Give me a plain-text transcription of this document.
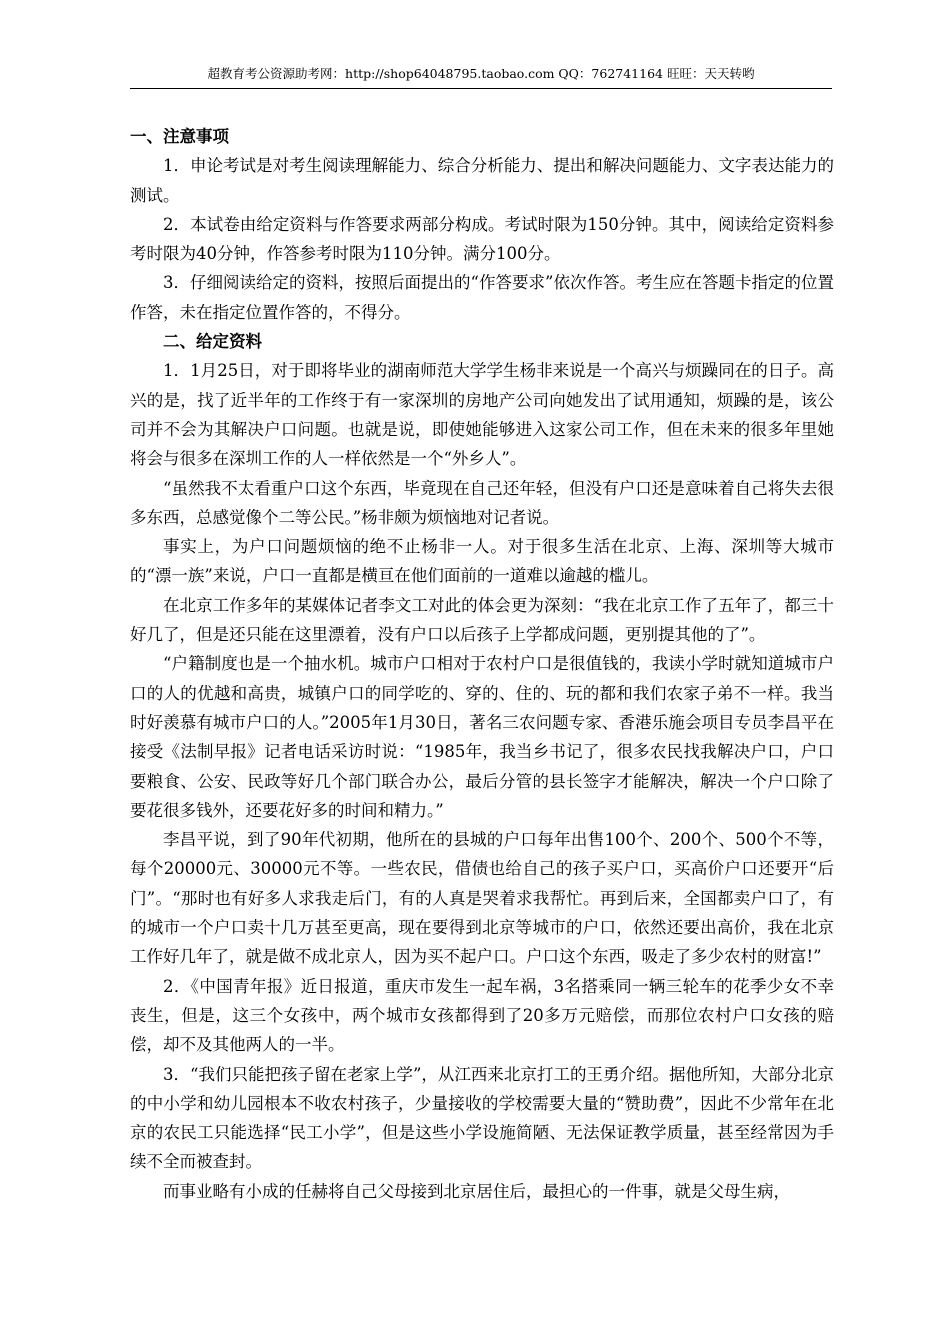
超教育考公资源助考网：http://shop64048795.taobao.com QQ：762741164 旺旺：天天转哟

一、注意事项

1．申论考试是对考生阅读理解能力、综合分析能力、提出和解决问题能力、文字表达能力的测试。

2．本试卷由给定资料与作答要求两部分构成。考试时限为150分钟。其中，阅读给定资料参考时限为40分钟，作答参考时限为110分钟。满分100分。

3．仔细阅读给定的资料，按照后面提出的“作答要求”依次作答。考生应在答题卡指定的位置作答，未在指定位置作答的，不得分。

二、给定资料

1．1月25日，对于即将毕业的湖南师范大学学生杨非来说是一个高兴与烦躁同在的日子。高兴的是，找了近半年的工作终于有一家深圳的房地产公司向她发出了试用通知，烦躁的是，该公司并不会为其解决户口问题。也就是说，即使她能够进入这家公司工作，但在未来的很多年里她将会与很多在深圳工作的人一样依然是一个“外乡人”。

“虽然我不太看重户口这个东西，毕竟现在自己还年轻，但没有户口还是意味着自己将失去很多东西，总感觉像个二等公民。”杨非颇为烦恼地对记者说。

事实上，为户口问题烦恼的绝不止杨非一人。对于很多生活在北京、上海、深圳等大城市的“漂一族”来说，户口一直都是横亘在他们面前的一道难以逾越的槛儿。

在北京工作多年的某媒体记者李文工对此的体会更为深刻：“我在北京工作了五年了，都三十好几了，但是还只能在这里漂着，没有户口以后孩子上学都成问题，更别提其他的了”。

“户籍制度也是一个抽水机。城市户口相对于农村户口是很值钱的，我读小学时就知道城市户口的人的优越和高贵，城镇户口的同学吃的、穿的、住的、玩的都和我们农家子弟不一样。我当时好羡慕有城市户口的人。”2005年1月30日，著名三农问题专家、香港乐施会项目专员李昌平在接受《法制早报》记者电话采访时说：“1985年，我当乡书记了，很多农民找我解决户口，户口要粮食、公安、民政等好几个部门联合办公，最后分管的县长签字才能解决，解决一个户口除了要花很多钱外，还要花好多的时间和精力。”

李昌平说，到了90年代初期，他所在的县城的户口每年出售100个、200个、500个不等，每个20000元、30000元不等。一些农民，借债也给自己的孩子买户口，买高价户口还要开“后门”。“那时也有好多人求我走后门，有的人真是哭着求我帮忙。再到后来，全国都卖户口了，有的城市一个户口卖十几万甚至更高，现在要得到北京等城市的户口，依然还要出高价，我在北京工作好几年了，就是做不成北京人，因为买不起户口。户口这个东西，吸走了多少农村的财富!”

2．《中国青年报》近日报道，重庆市发生一起车祸，3名搭乘同一辆三轮车的花季少女不幸丧生，但是，这三个女孩中，两个城市女孩都得到了20多万元赔偿，而那位农村户口女孩的赔偿，却不及其他两人的一半。

3．“我们只能把孩子留在老家上学”，从江西来北京打工的王勇介绍。据他所知，大部分北京的中小学和幼儿园根本不收农村孩子，少量接收的学校需要大量的“赞助费”，因此不少常年在北京的农民工只能选择“民工小学”，但是这些小学设施简陋、无法保证教学质量，甚至经常因为手续不全而被查封。

而事业略有小成的任赫将自己父母接到北京居住后，最担心的一件事，就是父母生病，
